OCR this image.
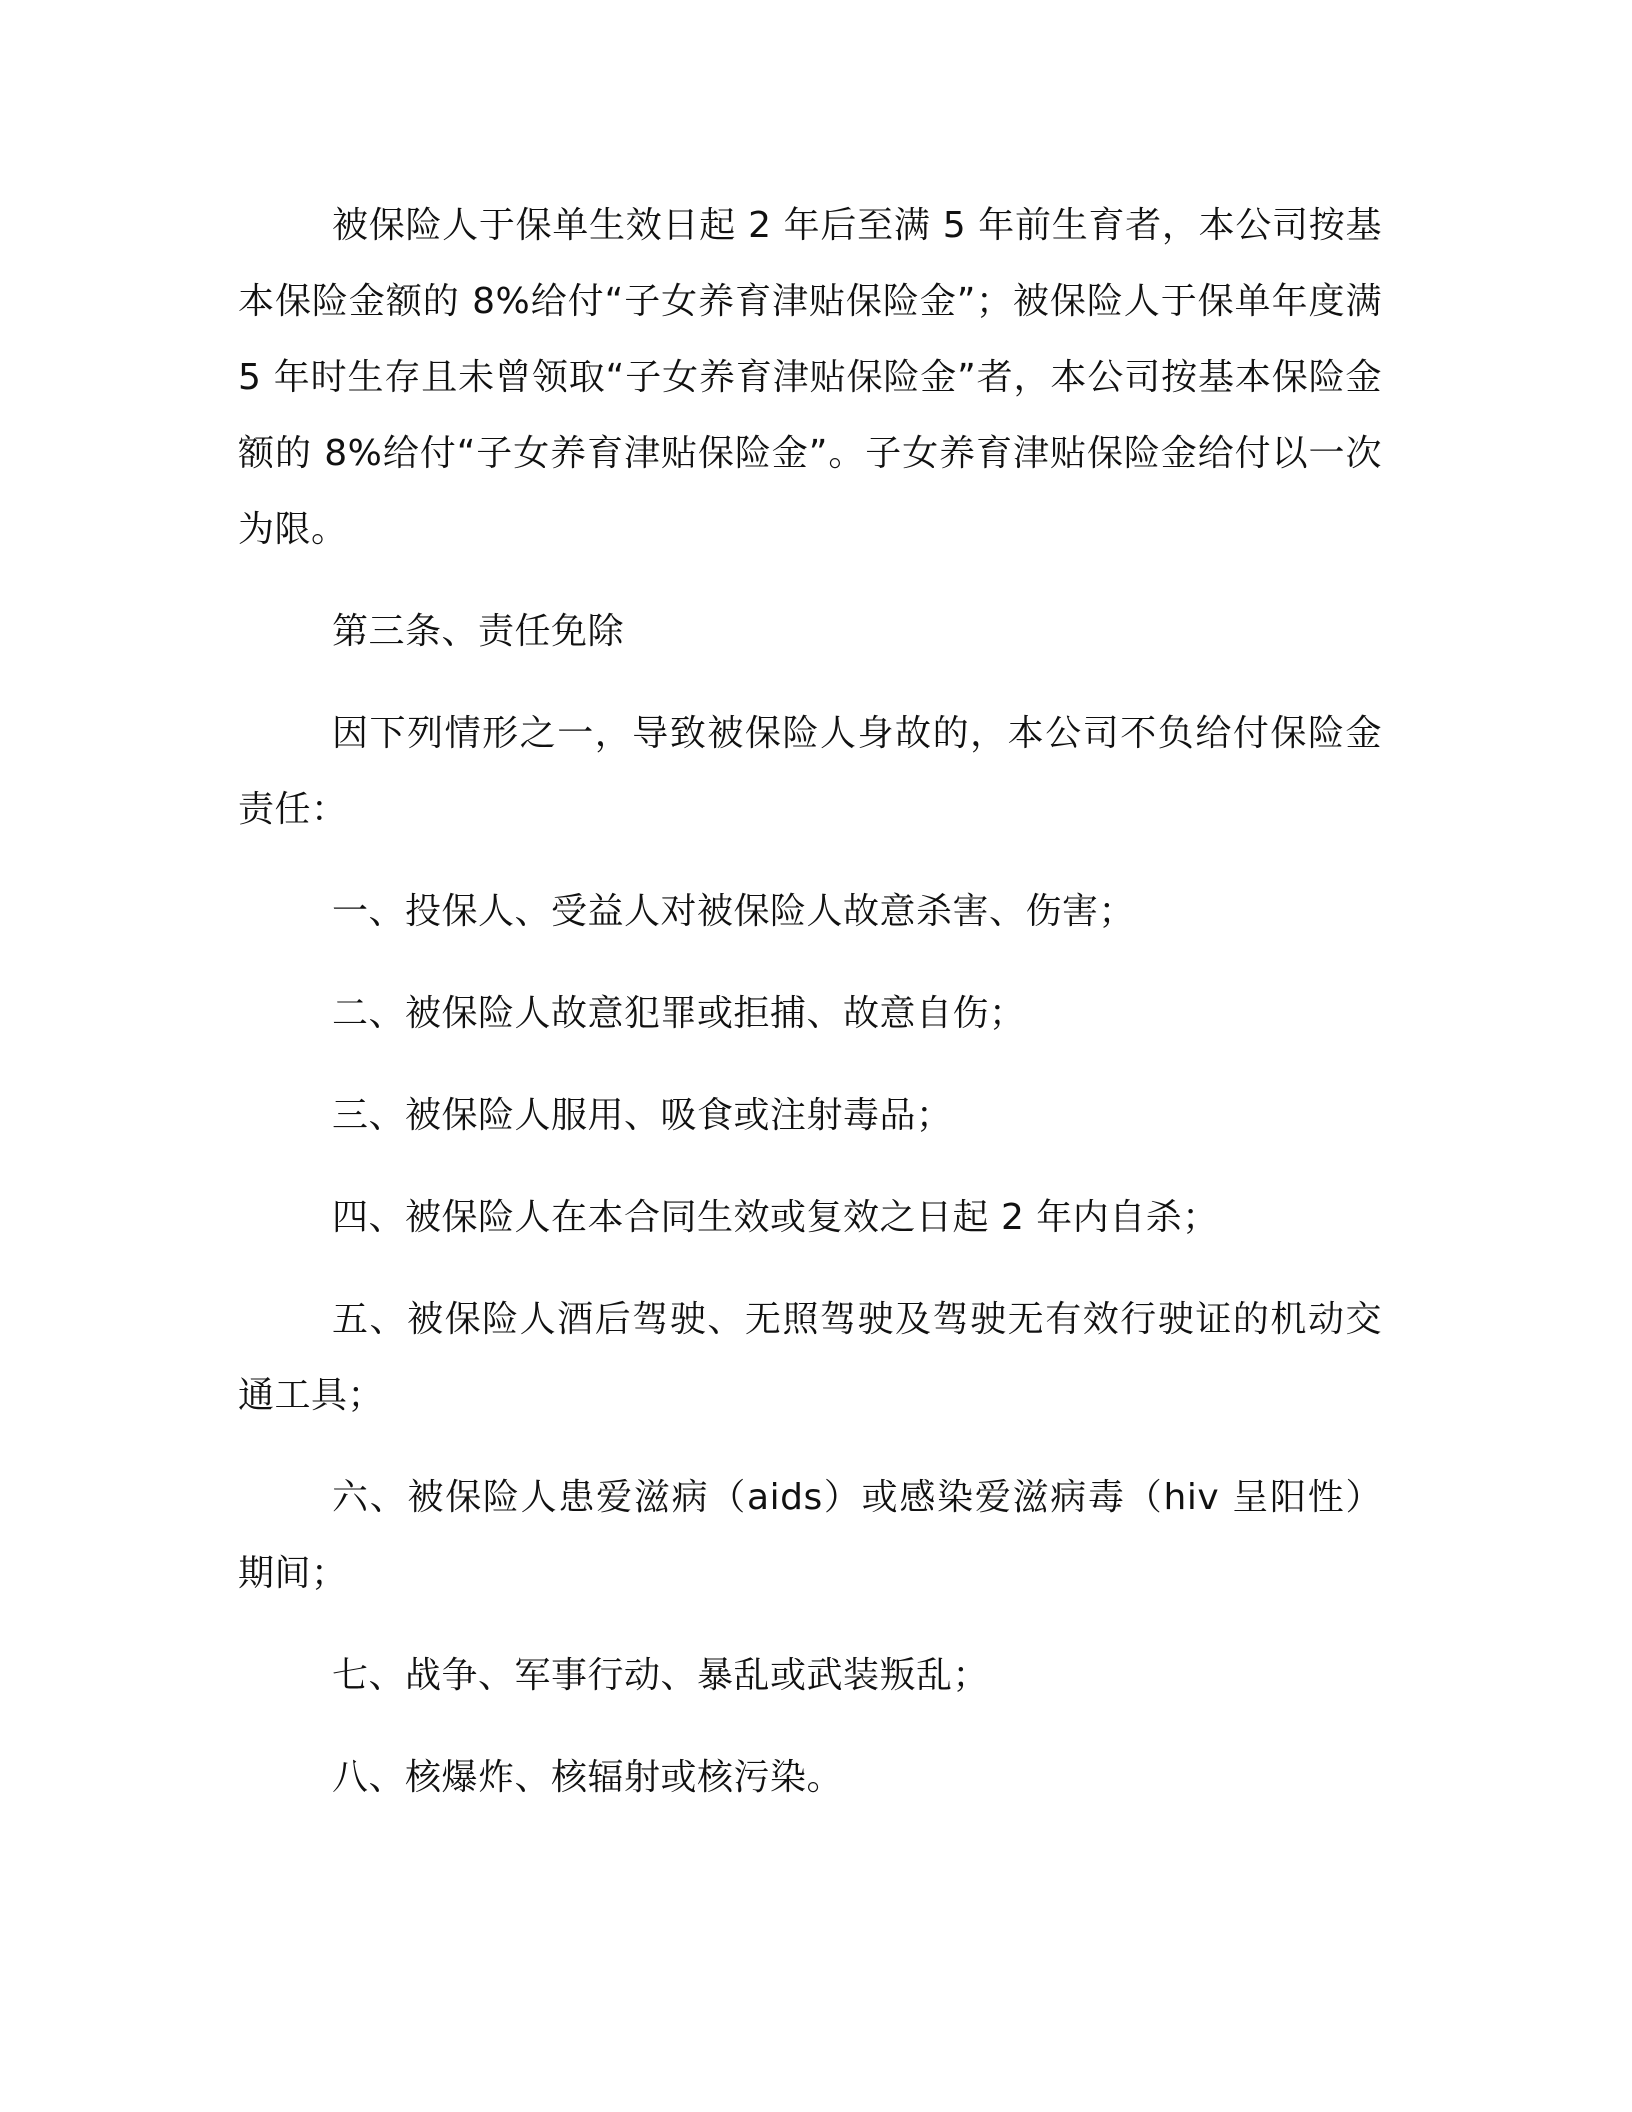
被保险人于保单生效日起 2 年后至满 5 年前生育者，本公司按基本保险金额的 8%给付“子女养育津贴保险金”；被保险人于保单年度满 5 年时生存且未曾领取“子女养育津贴保险金”者，本公司按基本保险金额的 8%给付“子女养育津贴保险金”。子女养育津贴保险金给付以一次为限。

第三条、责任免除

因下列情形之一，导致被保险人身故的，本公司不负给付保险金责任：

一、投保人、受益人对被保险人故意杀害、伤害；

二、被保险人故意犯罪或拒捕、故意自伤；

三、被保险人服用、吸食或注射毒品；

四、被保险人在本合同生效或复效之日起 2 年内自杀；

五、被保险人酒后驾驶、无照驾驶及驾驶无有效行驶证的机动交通工具；

六、被保险人患爱滋病（aids）或感染爱滋病毒（hiv 呈阳性）期间；

七、战争、军事行动、暴乱或武装叛乱；

八、核爆炸、核辐射或核污染。
